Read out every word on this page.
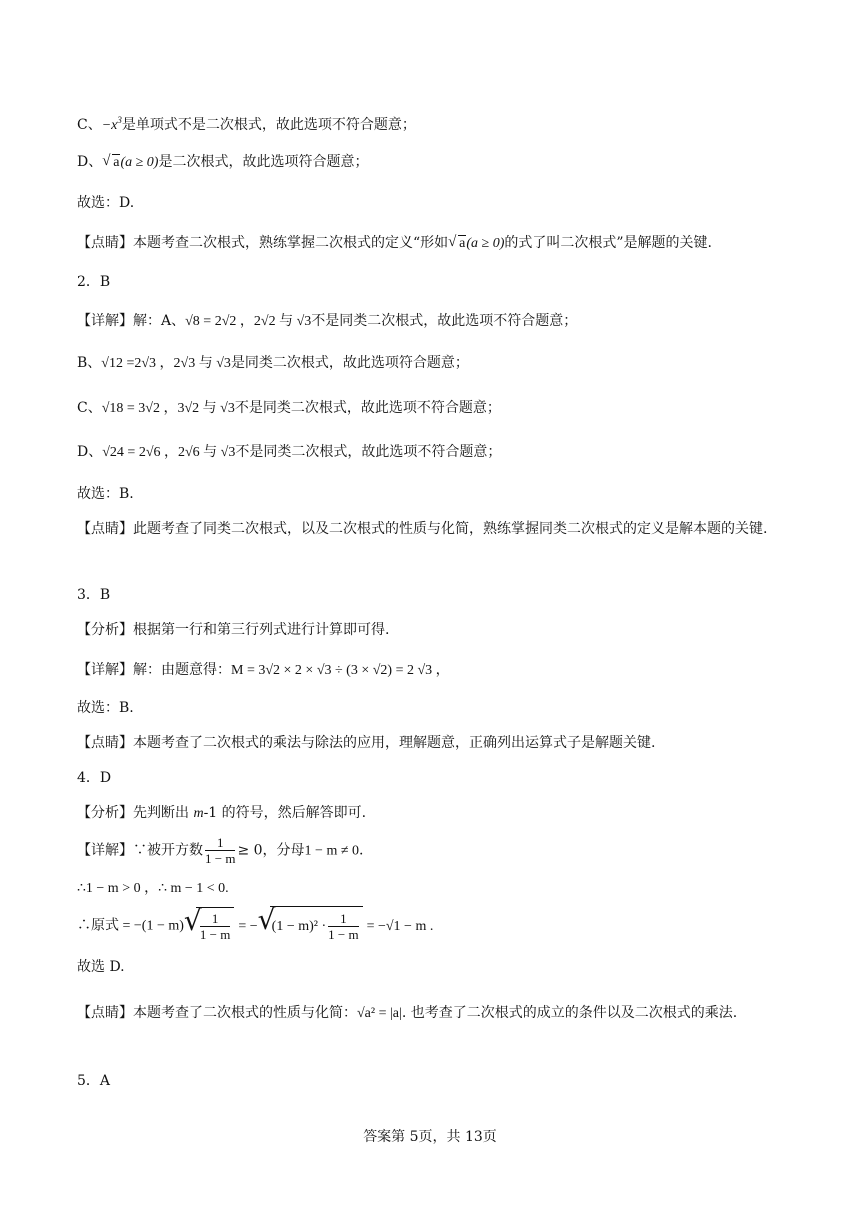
C、$-x^3$是单项式不是二次根式，故此选项不符合题意；
D、 √ a(a ≥ 0)是二次根式，故此选项符合题意；
故选：D.
【点睛】本题考查二次根式，熟练掌握二次根式的定义“形如 √ a(a ≥ 0)的式了叫二次根式”是解题的关键.
2．B
【详解】解：A、√8 = 2√2 ，2√2 与 √3不是同类二次根式，故此选项不符合题意；
B、√12 =2√3 ，2√3 与 √3是同类二次根式，故此选项符合题意；
C、√18 = 3√2 ，3√2 与 √3不是同类二次根式，故此选项不符合题意；
D、√24 = 2√6 ，2√6 与 √3不是同类二次根式，故此选项不符合题意；
故选：B.
【点睛】此题考查了同类二次根式，以及二次根式的性质与化简，熟练掌握同类二次根式的定义是解本题的关键.
3．B
【分析】根据第一行和第三行列式进行计算即可得.
【详解】解：由题意得：M = 3√2 × 2 × √3 ÷ (3 × √2) = 2 √3 ，
故选：B.
【点睛】本题考查了二次根式的乘法与除法的应用，理解题意，正确列出运算式子是解题关键.
4．D
【分析】先判断出 m-1 的符号，然后解答即可.
【详解】∵被开方数 $\frac{1}{1 - m} \ge 0$，分母1 − m ≠ 0.
∴1 − m > 0 ，∴ m − 1 < 0.
∴原式 = −(1 − m) √
$\frac{1}{1 - m}$ = − √
$(1 - m)^2 \cdot \frac{1}{1 - m} = -√1 - m$ .
故选 D.
【点睛】本题考查了二次根式的性质与化简：√a² = |a|. 也考查了二次根式的成立的条件以及二次根式的乘法.
5．A
答案第 5页，共 13页
